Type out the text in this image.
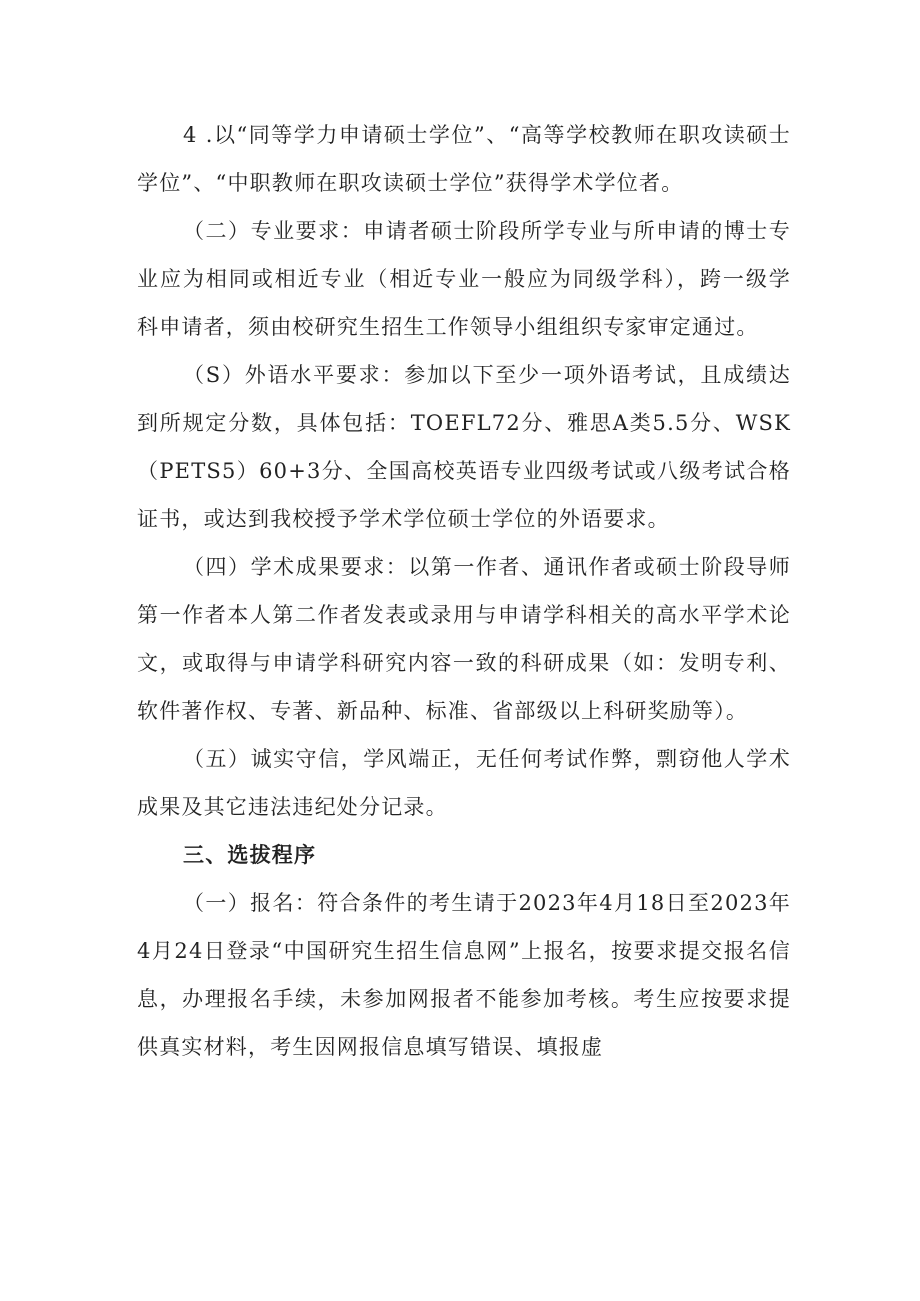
4 .以“同等学力申请硕士学位”、“高等学校教师在职攻读硕士学位”、“中职教师在职攻读硕士学位”获得学术学位者。

（二）专业要求：申请者硕士阶段所学专业与所申请的博士专业应为相同或相近专业（相近专业一般应为同级学科），跨一级学科申请者，须由校研究生招生工作领导小组组织专家审定通过。

（S）外语水平要求：参加以下至少一项外语考试，且成绩达到所规定分数，具体包括：TOEFL72分、雅思A类5.5分、WSK（PETS5）60+3分、全国高校英语专业四级考试或八级考试合格证书，或达到我校授予学术学位硕士学位的外语要求。

（四）学术成果要求：以第一作者、通讯作者或硕士阶段导师第一作者本人第二作者发表或录用与申请学科相关的高水平学术论文，或取得与申请学科研究内容一致的科研成果（如：发明专利、软件著作权、专著、新品种、标准、省部级以上科研奖励等）。

（五）诚实守信，学风端正，无任何考试作弊，剽窃他人学术成果及其它违法违纪处分记录。

三、选拔程序

（一）报名：符合条件的考生请于2023年4月18日至2023年4月24日登录“中国研究生招生信息网”上报名，按要求提交报名信息，办理报名手续，未参加网报者不能参加考核。考生应按要求提供真实材料，考生因网报信息填写错误、填报虚
